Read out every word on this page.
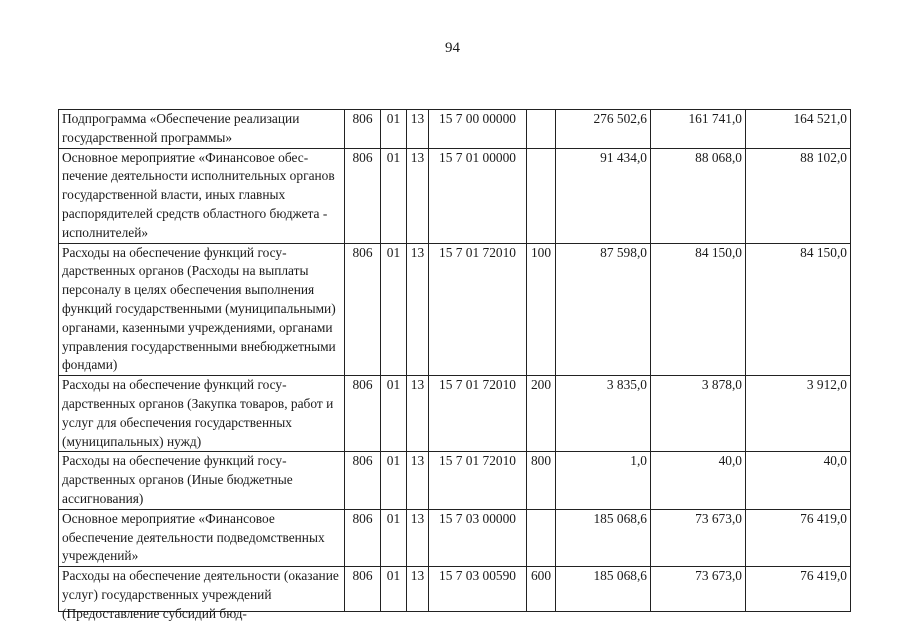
94
Подпрограмма «Обеспечение реализации государственной программы»	806	01	13	15 7 00 00000		276 502,6	161 741,0	164 521,0
Основное мероприятие «Финансовое обеспечение деятельности исполнительных органов государственной власти, иных главных распорядителей средств областного бюджета - исполнителей»	806	01	13	15 7 01 00000		91 434,0	88 068,0	88 102,0
Расходы на обеспечение функций государственных органов (Расходы на выплаты персоналу в целях обеспечения выполнения функций государственными (муниципальными) органами, казенными учреждениями, органами управления государственными внебюджетными фондами)	806	01	13	15 7 01 72010	100	87 598,0	84 150,0	84 150,0
Расходы на обеспечение функций государственных органов (Закупка товаров, работ и услуг для обеспечения государственных (муниципальных) нужд)	806	01	13	15 7 01 72010	200	3 835,0	3 878,0	3 912,0
Расходы на обеспечение функций государственных органов (Иные бюджетные ассигнования)	806	01	13	15 7 01 72010	800	1,0	40,0	40,0
Основное мероприятие «Финансовое обеспечение деятельности подведомственных учреждений»	806	01	13	15 7 03 00000		185 068,6	73 673,0	76 419,0

Расходы на обеспечение деятельности (оказание услуг) государственных учреждений (Предоставление субсидий бюд-	806	01	13	15 7 03 00590	600	185 068,6	73 673,0	76 419,0
